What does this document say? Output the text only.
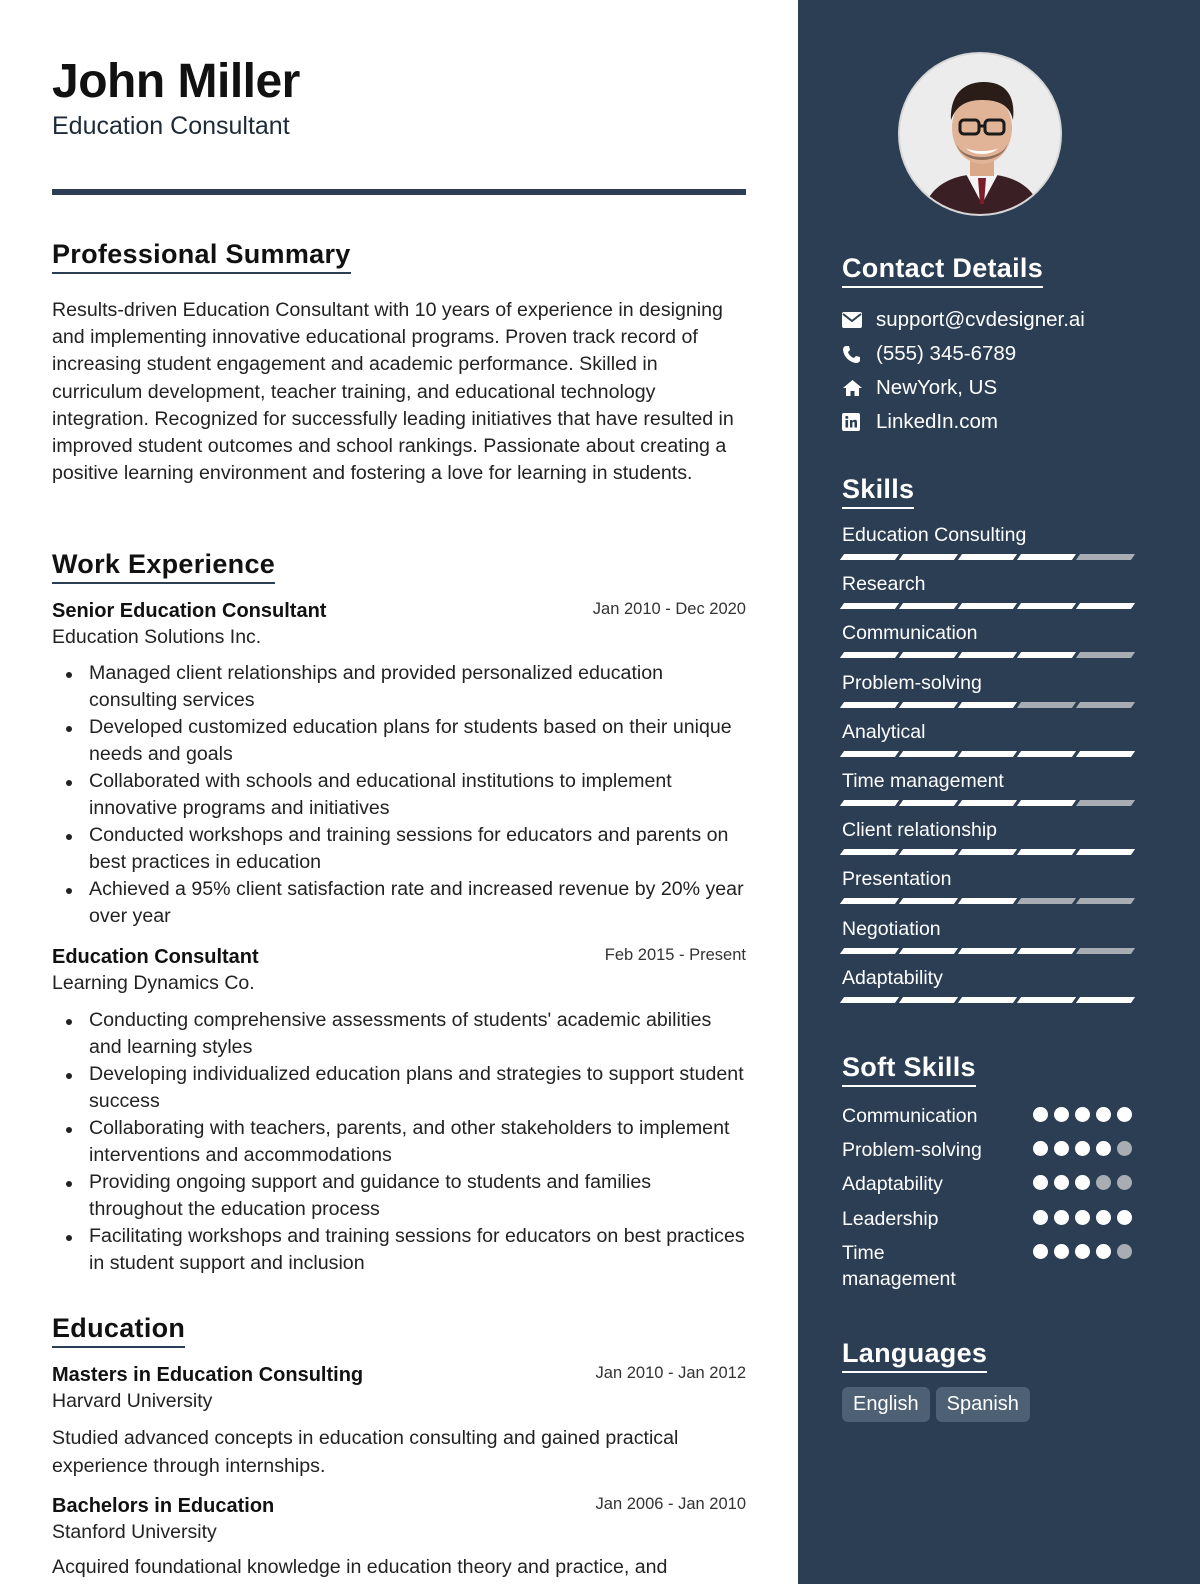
John Miller
Education Consultant
Professional Summary
Results-driven Education Consultant with 10 years of experience in designing and implementing innovative educational programs. Proven track record of increasing student engagement and academic performance. Skilled in curriculum development, teacher training, and educational technology integration. Recognized for successfully leading initiatives that have resulted in improved student outcomes and school rankings. Passionate about creating a positive learning environment and fostering a love for learning in students.
Work Experience
Senior Education Consultant	Jan 2010 - Dec 2020
Education Solutions Inc.
Managed client relationships and provided personalized education consulting services
Developed customized education plans for students based on their unique needs and goals
Collaborated with schools and educational institutions to implement innovative programs and initiatives
Conducted workshops and training sessions for educators and parents on best practices in education
Achieved a 95% client satisfaction rate and increased revenue by 20% year over year
Education Consultant	Feb 2015 - Present
Learning Dynamics Co.
Conducting comprehensive assessments of students' academic abilities and learning styles
Developing individualized education plans and strategies to support student success
Collaborating with teachers, parents, and other stakeholders to implement interventions and accommodations
Providing ongoing support and guidance to students and families throughout the education process
Facilitating workshops and training sessions for educators on best practices in student support and inclusion
Education
Masters in Education Consulting	Jan 2010 - Jan 2012
Harvard University
Studied advanced concepts in education consulting and gained practical experience through internships.
Bachelors in Education	Jan 2006 - Jan 2010
Stanford University
Acquired foundational knowledge in education theory and practice, and
Contact Details
support@cvdesigner.ai
(555) 345-6789
NewYork, US
LinkedIn.com
Skills
Education Consulting
Research
Communication
Problem-solving
Analytical
Time management
Client relationship
Presentation
Negotiation
Adaptability
Soft Skills
Communication
Problem-solving
Adaptability
Leadership
Time management
Languages
English	Spanish
